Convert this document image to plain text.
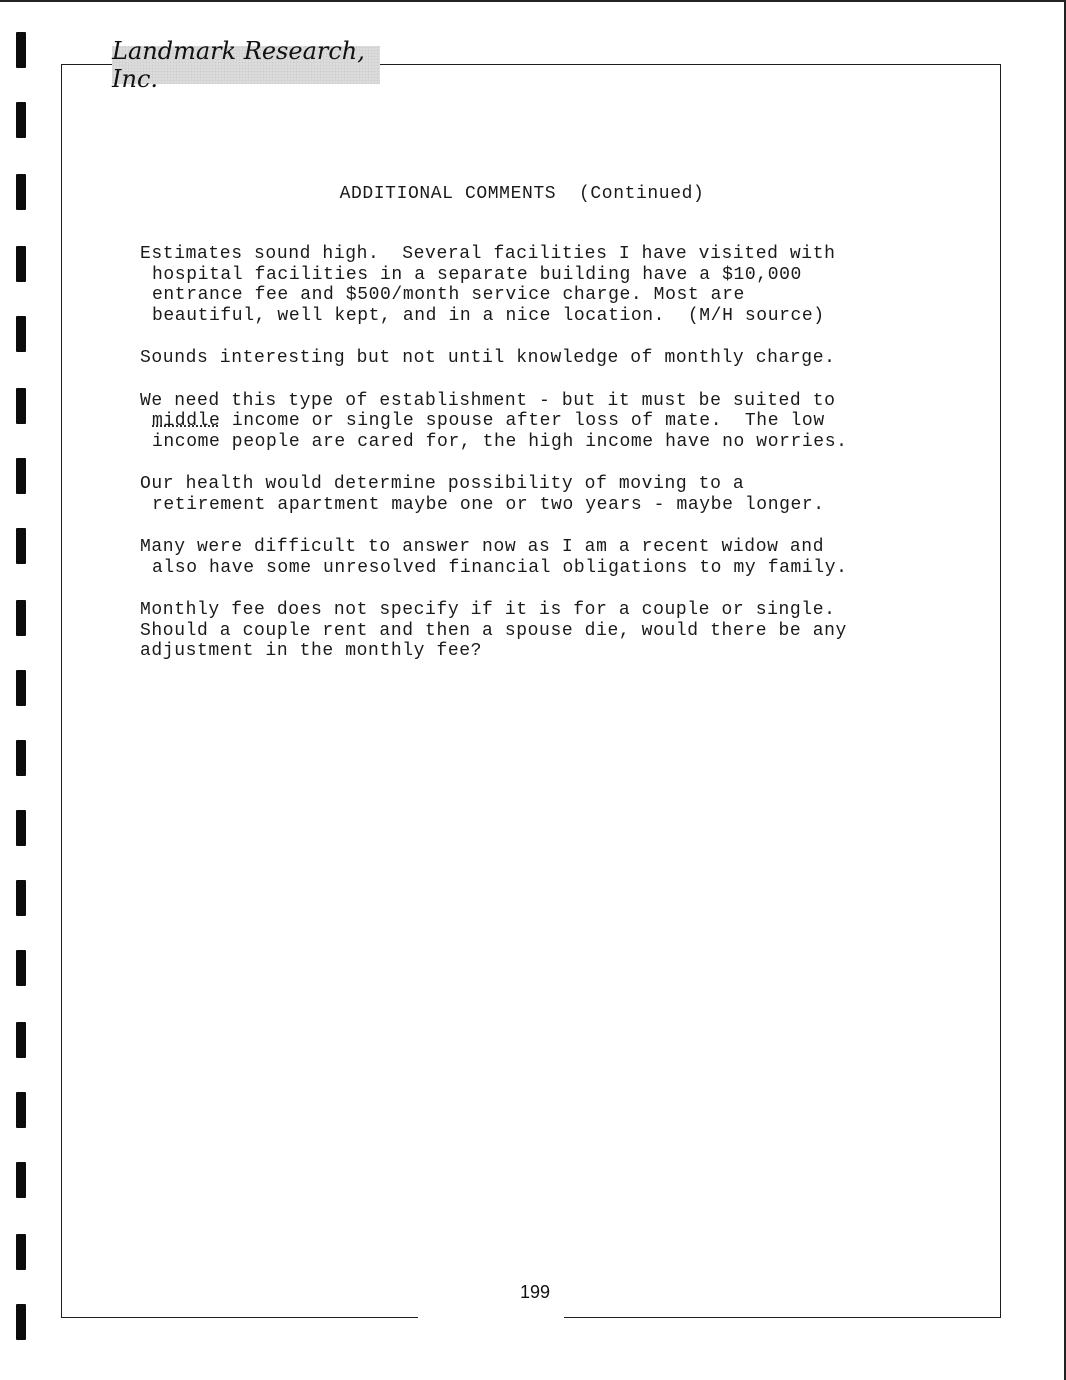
Landmark Research, Inc.
199
ADDITIONAL COMMENTS  (Continued)
Estimates sound high.  Several facilities I have visited with
hospital facilities in a separate building have a $10,000
entrance fee and $500/month service charge. Most are
beautiful, well kept, and in a nice location.  (M/H source)
Sounds interesting but not until knowledge of monthly charge.
We need this type of establishment - but it must be suited to
middle income or single spouse after loss of mate.  The low
income people are cared for, the high income have no worries.
Our health would determine possibility of moving to a
retirement apartment maybe one or two years - maybe longer.
Many were difficult to answer now as I am a recent widow and
also have some unresolved financial obligations to my family.
Monthly fee does not specify if it is for a couple or single.
Should a couple rent and then a spouse die, would there be any
adjustment in the monthly fee?
